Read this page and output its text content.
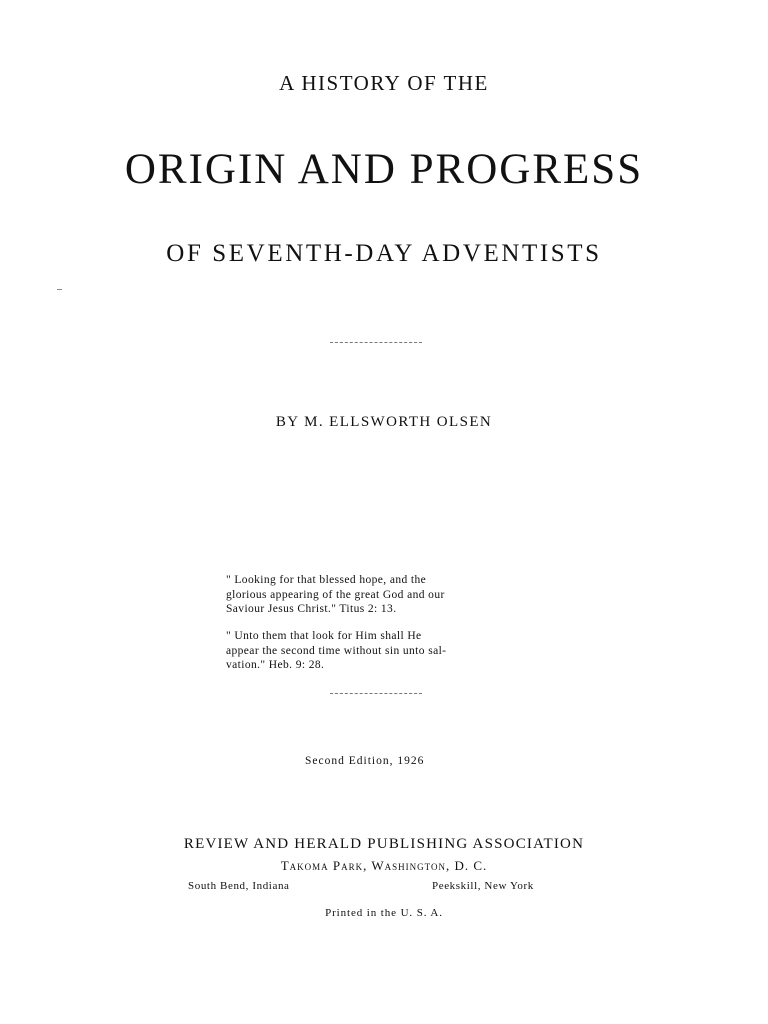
A HISTORY OF THE
ORIGIN AND PROGRESS
OF SEVENTH-DAY ADVENTISTS
BY M. ELLSWORTH OLSEN
" Looking for that blessed hope, and the
glorious appearing of the great God and our
Saviour Jesus Christ." Titus 2: 13.
" Unto them that look for Him shall He
appear the second time without sin unto sal-
vation." Heb. 9: 28.
Second Edition, 1926
REVIEW AND HERALD PUBLISHING ASSOCIATION
Takoma Park, Washington, D. C.
South Bend, Indiana	Peekskill, New York
Printed in the U. S. A.
